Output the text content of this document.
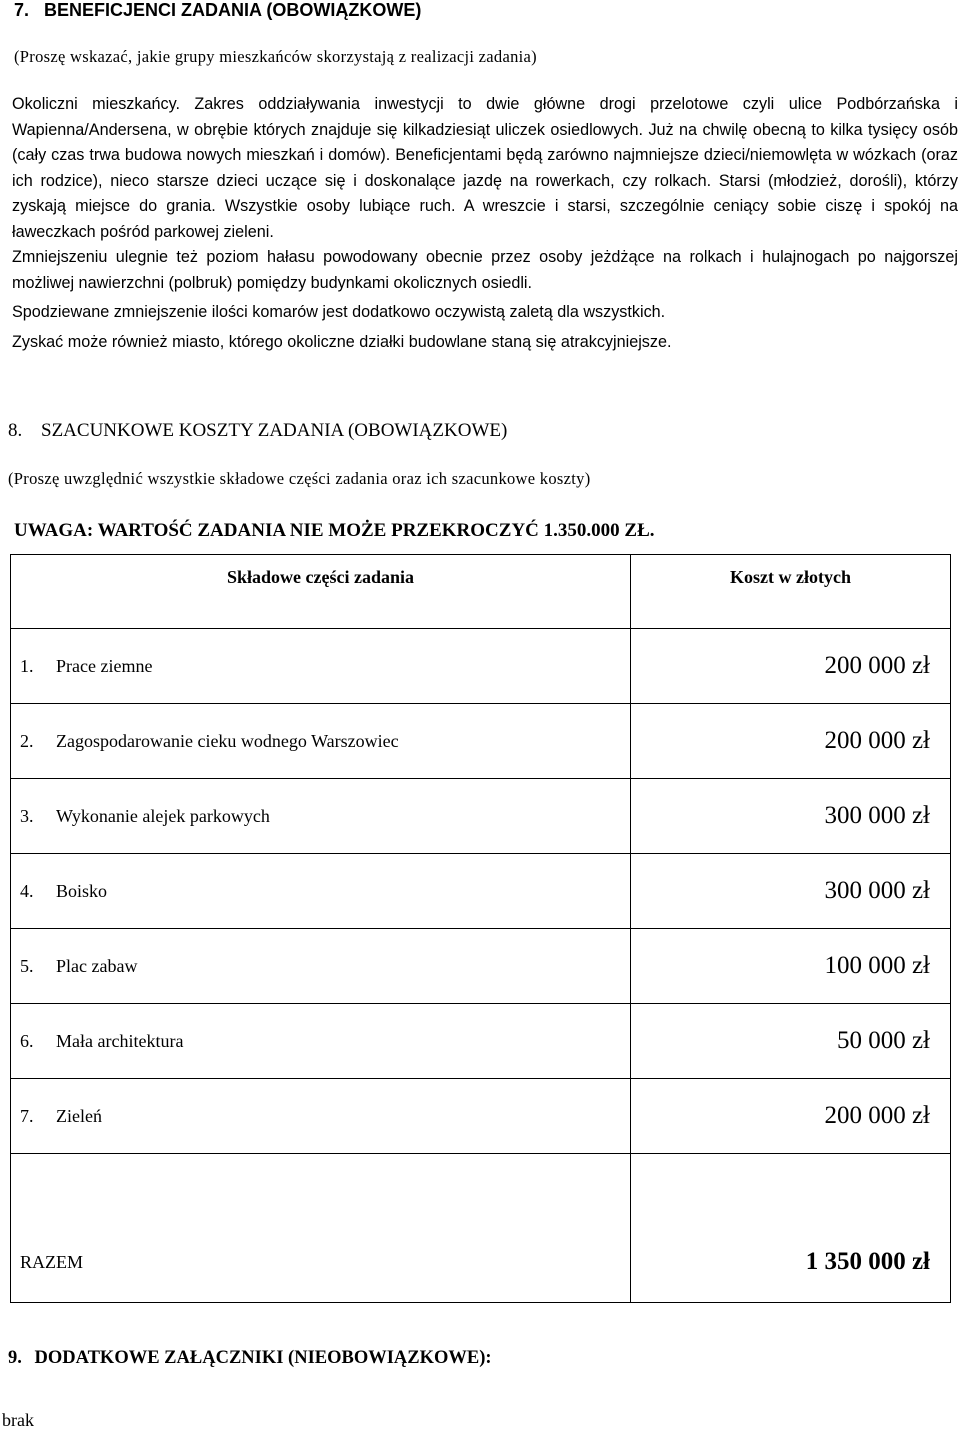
7. BENEFICJENCI ZADANIA (OBOWIĄZKOWE)
(Proszę wskazać, jakie grupy mieszkańców skorzystają z realizacji zadania)

Okoliczni mieszkańcy. Zakres oddziaływania inwestycji to dwie główne drogi przelotowe czyli ulice Podbórzańska i Wapienna/Andersena, w obrębie których znajduje się kilkadziesiąt uliczek osiedlowych. Już na chwilę obecną to kilka tysięcy osób (cały czas trwa budowa nowych mieszkań i domów). Beneficjentami będą zarówno najmniejsze dzieci/niemowlęta w wózkach (oraz ich rodzice), nieco starsze dzieci uczące się i doskonalące jazdę na rowerkach, czy rolkach. Starsi (młodzież, dorośli), którzy zyskają miejsce do grania. Wszystkie osoby lubiące ruch. A wreszcie i starsi, szczególnie ceniący sobie ciszę i spokój na ławeczkach pośród parkowej zieleni.

Zmniejszeniu ulegnie też poziom hałasu powodowany obecnie przez osoby jeżdżące na rolkach i hulajnogach po najgorszej możliwej nawierzchni (polbruk) pomiędzy budynkami okolicznych osiedli.

Spodziewane zmniejszenie ilości komarów jest dodatkowo oczywistą zaletą dla wszystkich.

Zyskać może również miasto, którego okoliczne działki budowlane staną się atrakcyjniejsze.

8. SZACUNKOWE KOSZTY ZADANIA (OBOWIĄZKOWE)
(Proszę uwzględnić wszystkie składowe części zadania oraz ich szacunkowe koszty)
UWAGA: WARTOŚĆ ZADANIA NIE MOŻE PRZEKROCZYĆ 1.350.000 ZŁ.
Składowe części zadania	Koszt w złotych

1. Prace ziemne	200 000 zł
2. Zagospodarowanie cieku wodnego Warszowiec	200 000 zł
3. Wykonanie alejek parkowych	300 000 zł
4. Boisko	300 000 zł
5. Plac zabaw	100 000 zł
6. Mała architektura	50 000 zł
7. Zieleń	200 000 zł

RAZEM	1 350 000 zł
9. DODATKOWE ZAŁĄCZNIKI (NIEOBOWIĄZKOWE):
brak
